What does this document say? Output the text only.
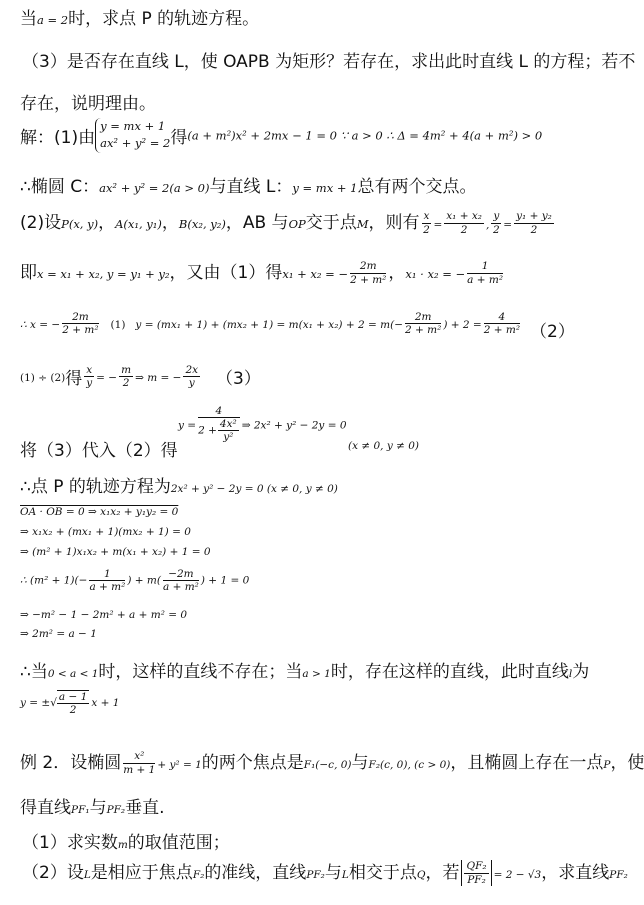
当a = 2时，求点 P 的轨迹方程。
（3）是否存在直线 L，使 OAPB 为矩形？若存在，求出此时直线 L 的方程；若不
存在，说明理由。
解：(1)由
y = mx + 1
ax² + y² = 2 得(a + m²)x² + 2mx − 1 = 0 ∵ a > 0 ∴ Δ = 4m² + 4(a + m²) > 0
∴椭圆 C：ax² + y² = 2(a > 0)与直线 L：y = mx + 1总有两个交点。
(2)设P(x, y)，A(x₁, y₁)，B(x₂, y₂)，AB 与OP交于点M，则有 $\frac{x}{2} = \frac{\text{x₁ + x₂}}{2}$ , $\frac{y}{2} = \frac{\text{y₁ + y₂}}{2}$
即x = x₁ + x₂, y = y₁ + y₂，又由（1）得x₁ + x₂ = − $\frac{2m}{\text{2 + m²}}$ ，x₁ · x₂ = − $\frac{1}{\text{a + m²}}$
∴ x = − $\frac{2m}{\text{2 + m²}} (1) y = (mx_1 + 1) + (mx_2 + 1) = m(x_1 + x_2) + 2 = m(- \frac{2m}{\text{2 + m²}}$ ) + $2 = \frac{4}{\text{2 + m²}} (2)$
(1) ÷ (2)得 $\frac{x}{y}$ = − $\frac{m}{2}$ ⇒ m = − $\frac{2x}{y} (3)$
$y = \frac{4}{2 + \frac{\text{4x²}}{\text{y²}}}$ ⇒ 2x² + y² − 2y = 0
将（3）代入（2）得	(x ≠ 0, y ≠ 0)
∴点 P 的轨迹方程为2x² + y² − 2y = 0 (x ≠ 0, y ≠ 0)
OA · OB = 0 ⇒ x₁x₂ + y₁y₂ = 0
⇒ x₁x₂ + (mx₁ + 1)(mx₂ + 1) = 0
⇒ (m² + 1)x₁x₂ + m(x₁ + x₂) + 1 = 0
∴ $(m^2 + 1)(- \frac{1}{\text{a + m²}}$ ) + $m( \frac{-2m}{\text{a + m²}}$ ) + 1 = 0
⇒ −m² − 1 − 2m² + a + m² = 0
⇒ 2m² = a − 1
∴当0 < a < 1时，这样的直线不存在；当a > 1时，存在这样的直线，此时直线l为
y = ±√ $\frac{a - 1}{2}$ x + 1
例 2．设椭圆 $\frac{\text{x²}}{m + 1} + y^2 = 1$的两个焦点是F₁(−c, 0)与F₂(c, 0), (c > 0)，且椭圆上存在一点P，使
得直线PF₁与PF₂垂直.
（1）求实数m的取值范围；
（2）设L是相应于焦点F₂的准线，直线PF₂与L相交于点Q，若 $\frac{\text{QF₂}}{\text{PF₂}} = 2 - √3$，求直线PF₂
